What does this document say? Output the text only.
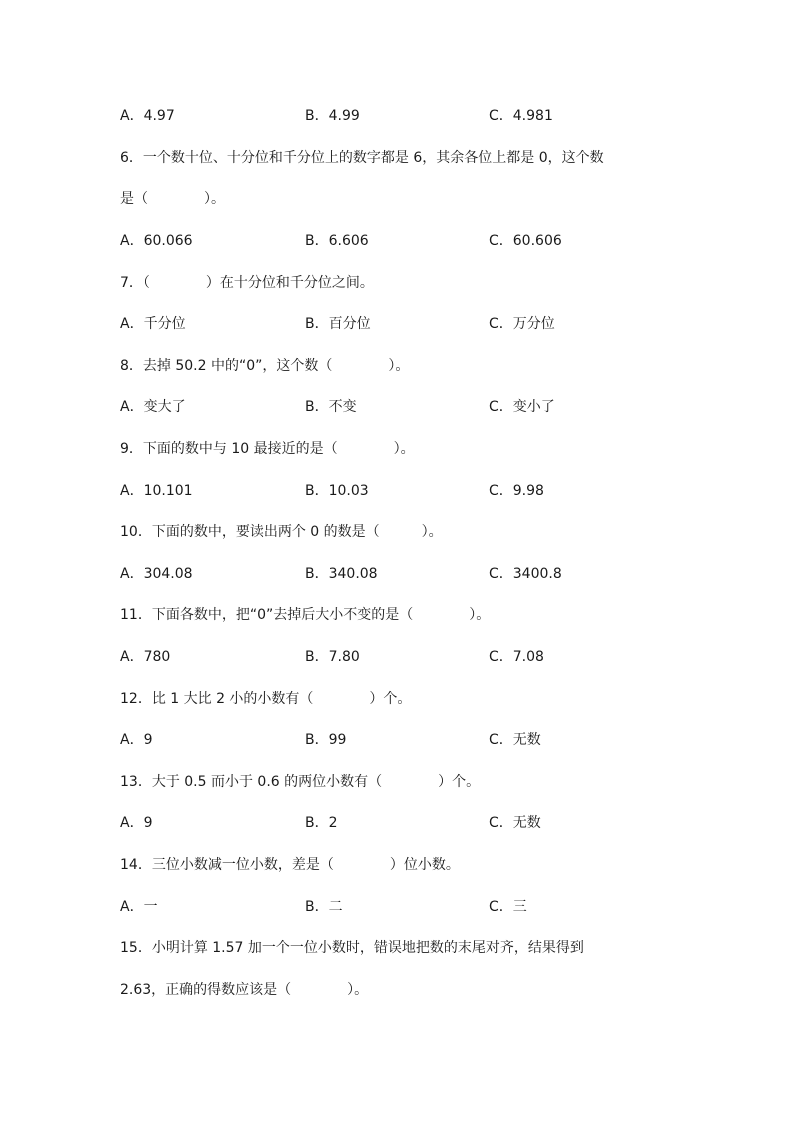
A．4.97	B．4.99	C．4.981
6．一个数十位、十分位和千分位上的数字都是 6，其余各位上都是 0，这个数
是（　　　　）。
A．60.066	B．6.606	C．60.606
7．（　　　　）在十分位和千分位之间。
A．千分位	B．百分位	C．万分位
8．去掉 50.2 中的“0”，这个数（　　　　）。
A．变大了	B．不变	C．变小了
9．下面的数中与 10 最接近的是（　　　　）。
A．10.101	B．10.03	C．9.98
10．下面的数中，要读出两个 0 的数是（　　　）。
A．304.08	B．340.08	C．3400.8
11．下面各数中，把“0”去掉后大小不变的是（　　　　）。
A．780	B．7.80	C．7.08
12．比 1 大比 2 小的小数有（　　　　）个。
A．9	B．99	C．无数
13．大于 0.5 而小于 0.6 的两位小数有（　　　　）个。
A．9	B．2	C．无数
14．三位小数减一位小数，差是（　　　　）位小数。
A．一	B．二	C．三
15．小明计算 1.57 加一个一位小数时，错误地把数的末尾对齐，结果得到
2.63，正确的得数应该是（　　　　）。
